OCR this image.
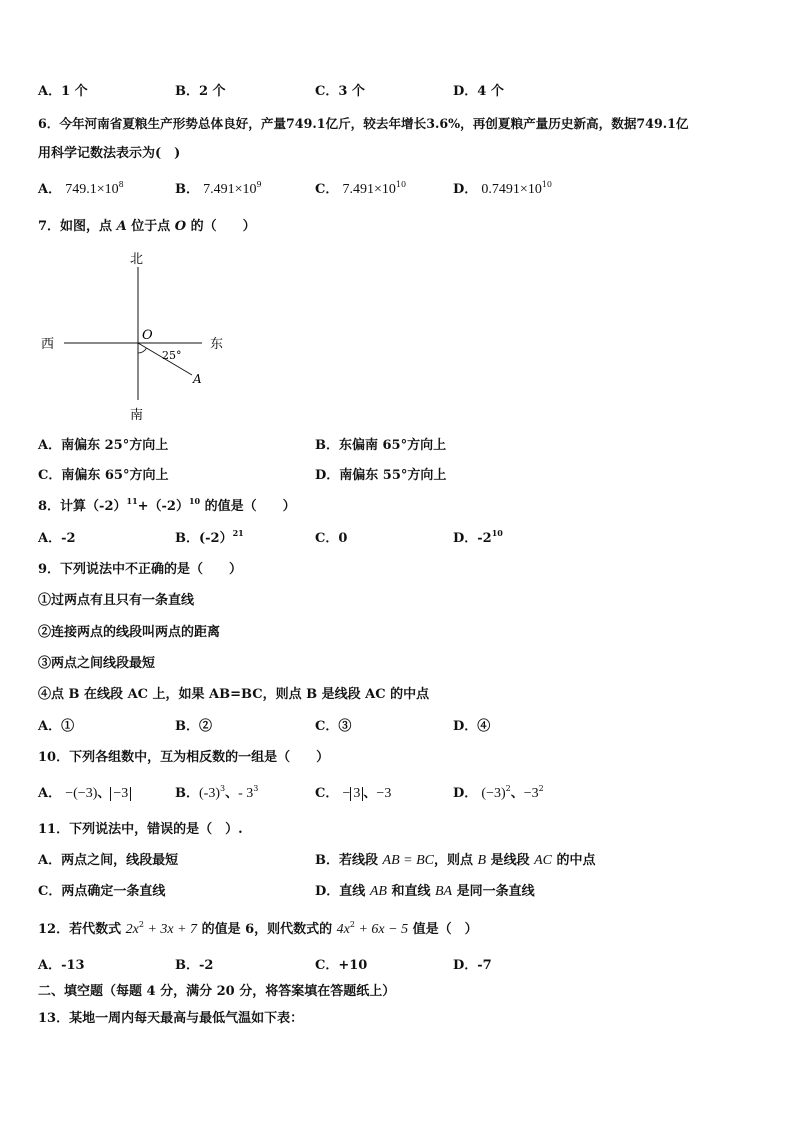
A．1 个	B．2 个	C．3 个	D．4 个
6．今年河南省夏粮生产形势总体良好，产量749.1亿斤，较去年增长3.6%，再创夏粮产量历史新高，数据749.1亿
用科学记数法表示为(　)
A． $749.1\times 10^8$	B． $7.491\times 10^9$	C． $7.491\times 10^{10}$	D． $0.7491\times 10^{10}$
7．如图，点 A 位于点 O 的（　　）
北
南
西	东
O
25°
A
A．南偏东 25°方向上	B．东偏南 65°方向上
C．南偏东 65°方向上	D．南偏东 55°方向上
8．计算$(-2)^{11}+(-2)^{10}$ 的值是（　　）
A．-2	B．(-2）$^{21}$	C．0	D．$-2^{10}$
9．下列说法中不正确的是（　　）
①过两点有且只有一条直线
②连接两点的线段叫两点的距离
③两点之间线段最短
④点 B 在线段 AC 上，如果 AB=BC，则点 B 是线段 AC 的中点
A．①	B．②	C．③	D．④
10．下列各组数中，互为相反数的一组是（　　）
A． −(−3)、 −3	B．$(-3)^3$、- $3^3$	C． − 3 、−3	D． $(-3)^2$、$-3^2$
11．下列说法中，错误的是（　）.
A．两点之间，线段最短	B．若线段 AB = BC，则点 B 是线段 AC 的中点
C．两点确定一条直线	D．直线 AB 和直线 BA 是同一条直线
12．若代数式 $2x^2 + 3x + 7$ 的值是 6，则代数式的 $4x^2 + 6x - 5$ 值是（　）
A．-13	B．-2	C．+10	D．-7
二、填空题（每题 4 分，满分 20 分，将答案填在答题纸上）
13．某地一周内每天最高与最低气温如下表：
